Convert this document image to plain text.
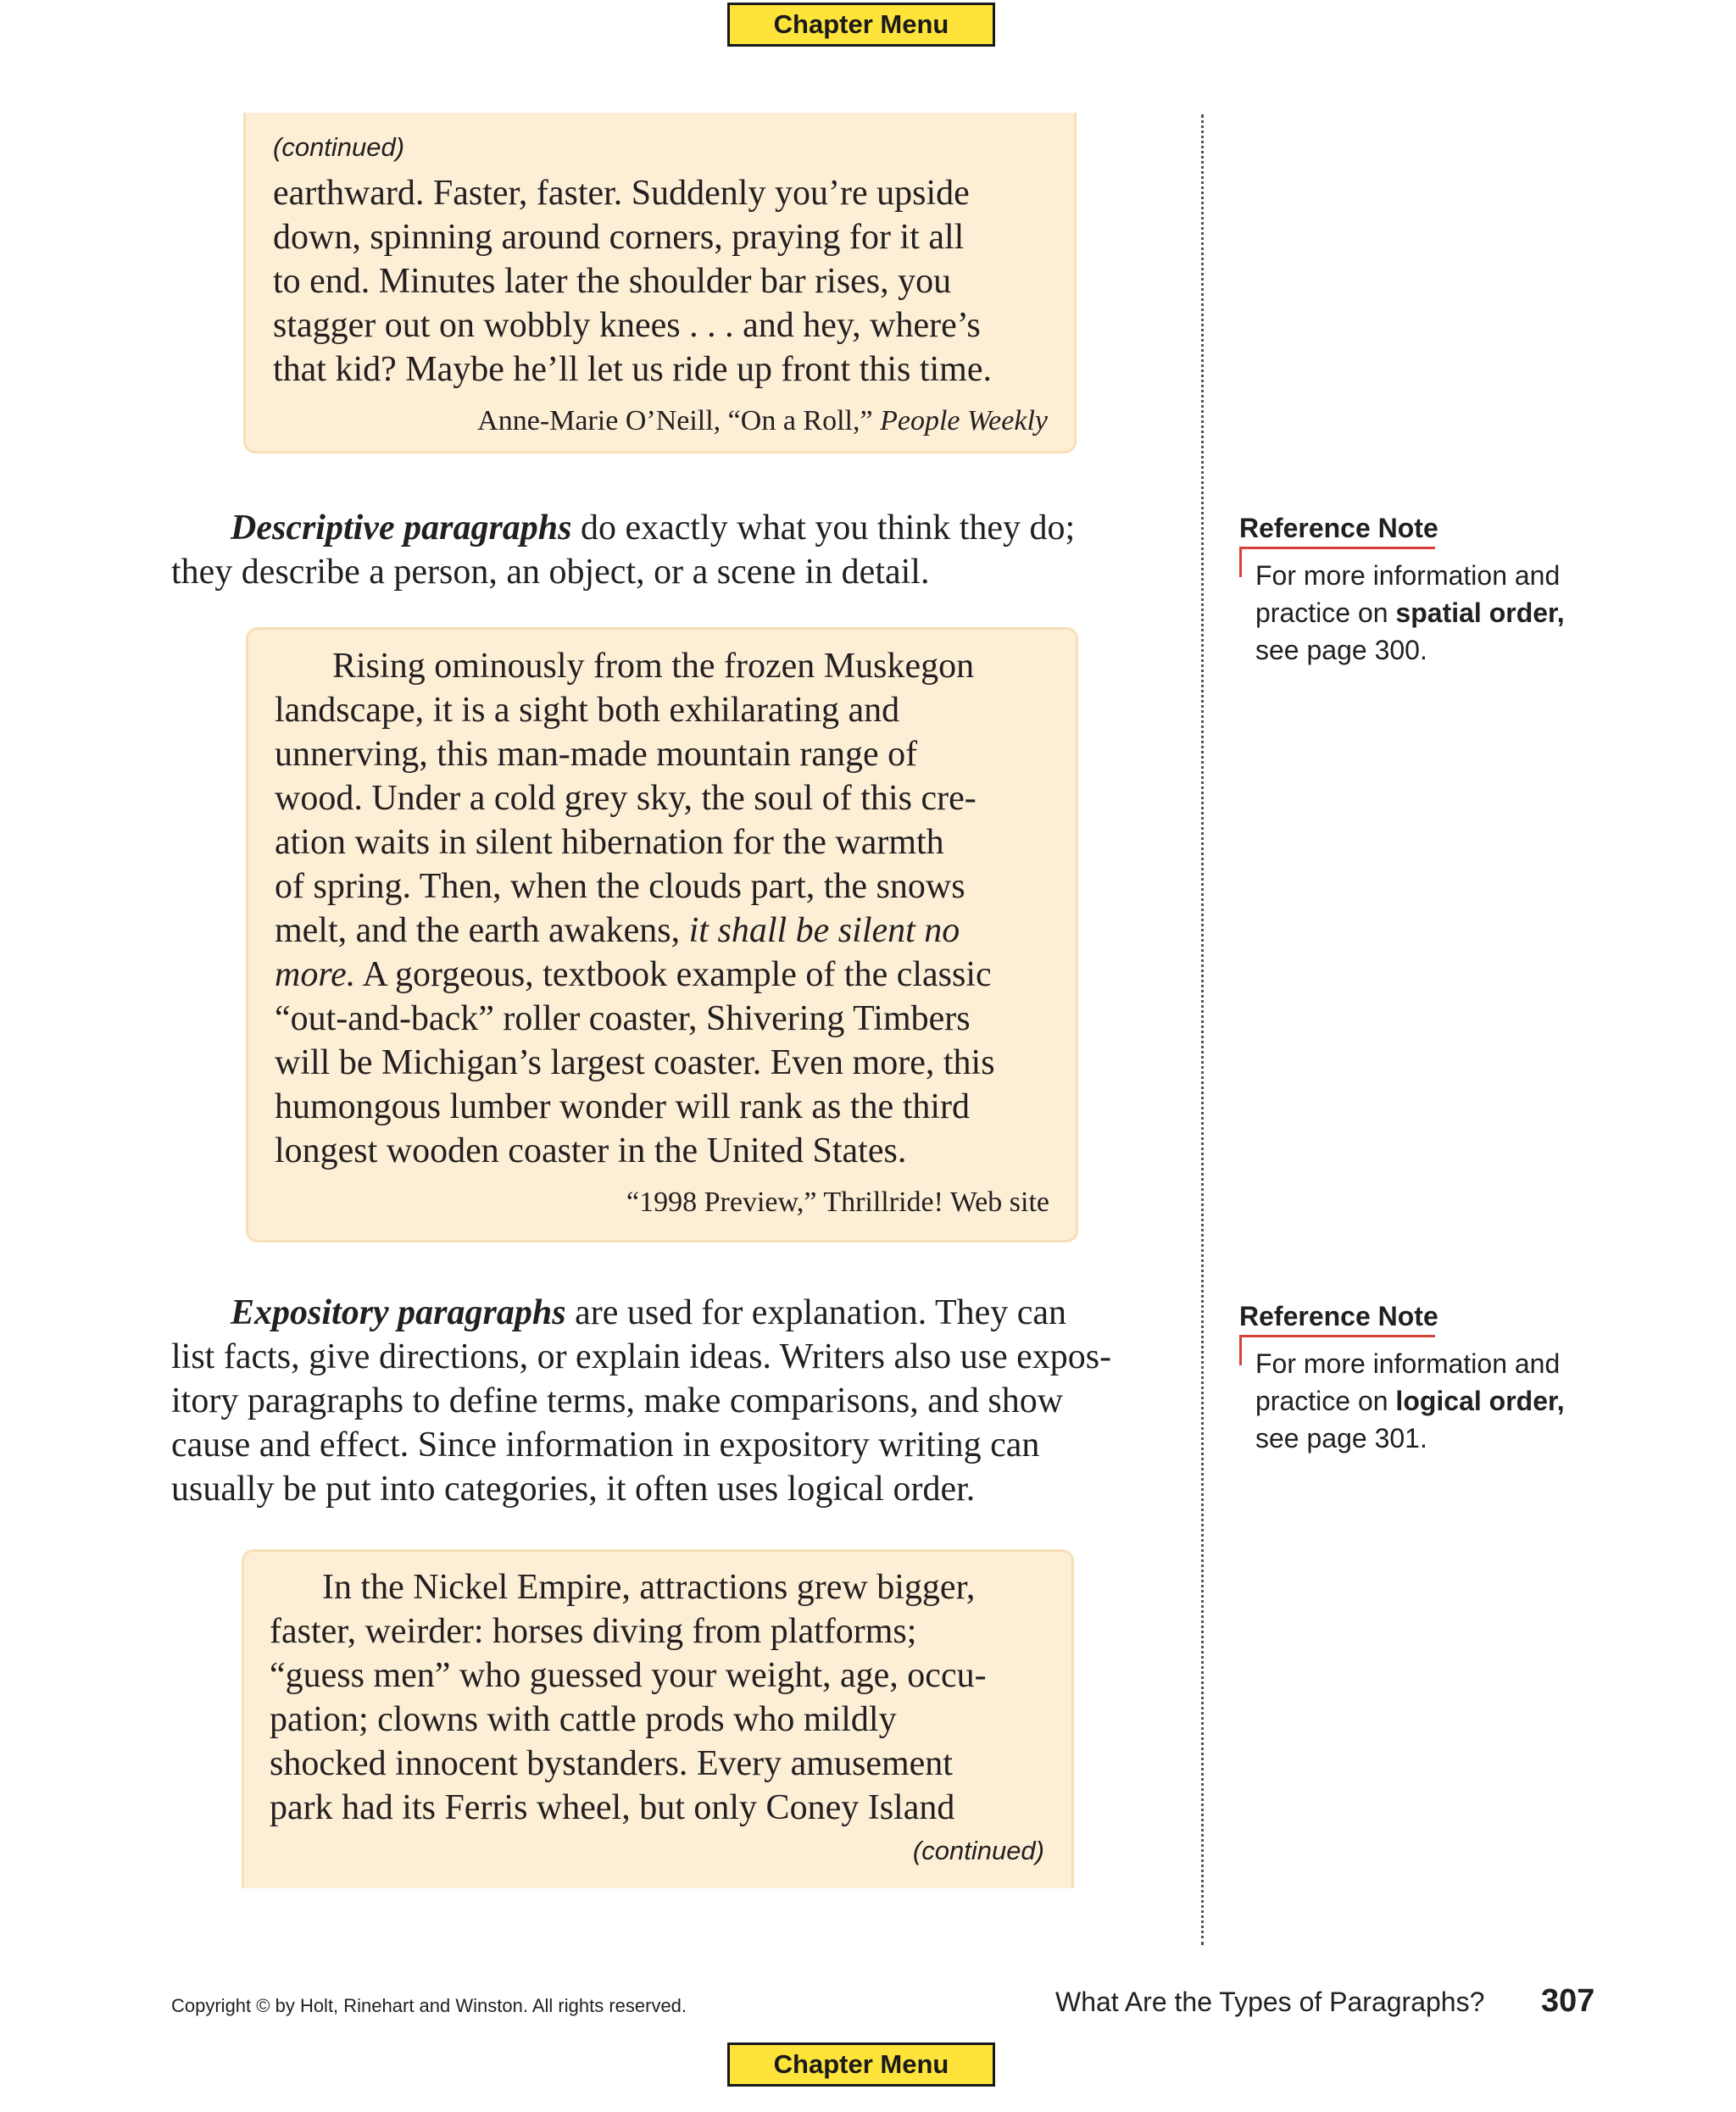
Chapter Menu
(continued)
earthward. Faster, faster. Suddenly you’re upside
down, spinning around corners, praying for it all
to end. Minutes later the shoulder bar rises, you
stagger out on wobbly knees . . . and hey, where’s
that kid? Maybe he’ll let us ride up front this time.
Anne-Marie O’Neill, “On a Roll,” People Weekly
Descriptive paragraphs do exactly what you think they do;
they describe a person, an object, or a scene in detail.
Rising ominously from the frozen Muskegon
landscape, it is a sight both exhilarating and
unnerving, this man-made mountain range of
wood. Under a cold grey sky, the soul of this cre-
ation waits in silent hibernation for the warmth
of spring. Then, when the clouds part, the snows
melt, and the earth awakens, it shall be silent no
more. A gorgeous, textbook example of the classic
“out-and-back” roller coaster, Shivering Timbers
will be Michigan’s largest coaster. Even more, this
humongous lumber wonder will rank as the third
longest wooden coaster in the United States.
“1998 Preview,” Thrillride! Web site
Expository paragraphs are used for explanation. They can
list facts, give directions, or explain ideas. Writers also use expos-
itory paragraphs to define terms, make comparisons, and show
cause and effect. Since information in expository writing can
usually be put into categories, it often uses logical order.
In the Nickel Empire, attractions grew bigger,
faster, weirder: horses diving from platforms;
“guess men” who guessed your weight, age, occu-
pation; clowns with cattle prods who mildly
shocked innocent bystanders. Every amusement
park had its Ferris wheel, but only Coney Island
(continued)
Reference Note
For more information and
practice on spatial order,
see page 300.
Reference Note
For more information and
practice on logical order,
see page 301.
Copyright © by Holt, Rinehart and Winston. All rights reserved.	What Are the Types of Paragraphs? 307
Chapter Menu
